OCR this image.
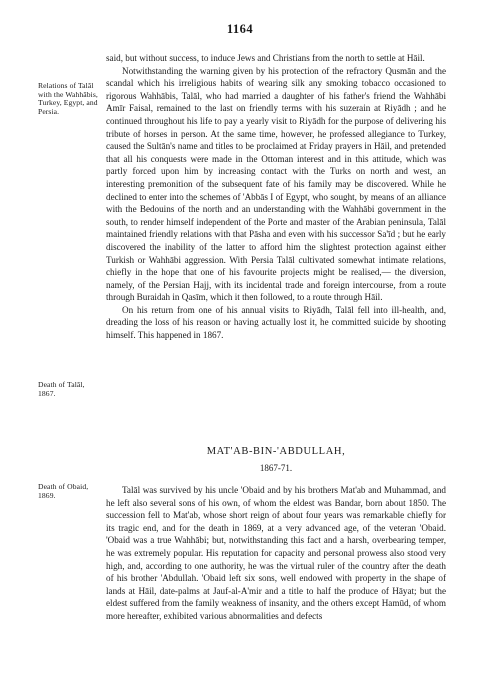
1164
Relations of Talāl with the Wahhābis, Turkey, Egypt, and Persia.
Death of Talāl, 1867.
Death of Obaid, 1869.

said, but without success, to induce Jews and Christians from the north to settle at Hāil.

Notwithstanding the warning given by his protection of the refractory Qusmān and the scandal which his irreligious habits of wearing silk any smoking tobacco occasioned to rigorous Wahhābis, Talāl, who had married a daughter of his father's friend the Wahhābi Amīr Faisal, remained to the last on friendly terms with his suzerain at Riyādh ; and he continued throughout his life to pay a yearly visit to Riyādh for the purpose of delivering his tribute of horses in person. At the same time, however, he professed allegiance to Turkey, caused the Sultān's name and titles to be proclaimed at Friday prayers in Hāil, and pretended that all his conquests were made in the Ottoman interest and in this attitude, which was partly forced upon him by increasing contact with the Turks on north and west, an interesting premonition of the subsequent fate of his family may be discovered. While he declined to enter into the schemes of 'Abbās I of Egypt, who sought, by means of an alliance with the Bedouins of the north and an understanding with the Wahhābi government in the south, to render himself independent of the Porte and master of the Arabian peninsula, Talāl maintained friendly relations with that Pāsha and even with his successor Sa'īd ; but he early discovered the inability of the latter to afford him the slightest protection against either Turkish or Wahhābi aggression. With Persia Talāl cultivated somewhat intimate relations, chiefly in the hope that one of his favourite projects might be realised,— the diversion, namely, of the Persian Hajj, with its incidental trade and foreign intercourse, from a route through Buraidah in Qasīm, which it then followed, to a route through Hāil.

On his return from one of his annual visits to Riyādh, Talāl fell into ill-health, and, dreading the loss of his reason or having actually lost it, he committed suicide by shooting himself. This happened in 1867.

MAT'AB-BIN-'ABDULLAH,
1867-71.

Talāl was survived by his uncle 'Obaid and by his brothers Mat'ab and Muhammad, and he left also several sons of his own, of whom the eldest was Bandar, born about 1850. The succession fell to Mat'ab, whose short reign of about four years was remarkable chiefly for its tragic end, and for the death in 1869, at a very advanced age, of the veteran 'Obaid. 'Obaid was a true Wahhābi; but, notwithstanding this fact and a harsh, overbearing temper, he was extremely popular. His reputation for capacity and personal prowess also stood very high, and, according to one authority, he was the virtual ruler of the country after the death of his brother 'Abdullah. 'Obaid left six sons, well endowed with property in the shape of lands at Hāil, date-palms at Jauf-al-A'mir and a title to half the produce of Hāyat; but the eldest suffered from the family weakness of insanity, and the others except Hamūd, of whom more hereafter, exhibited various abnormalities and defects
